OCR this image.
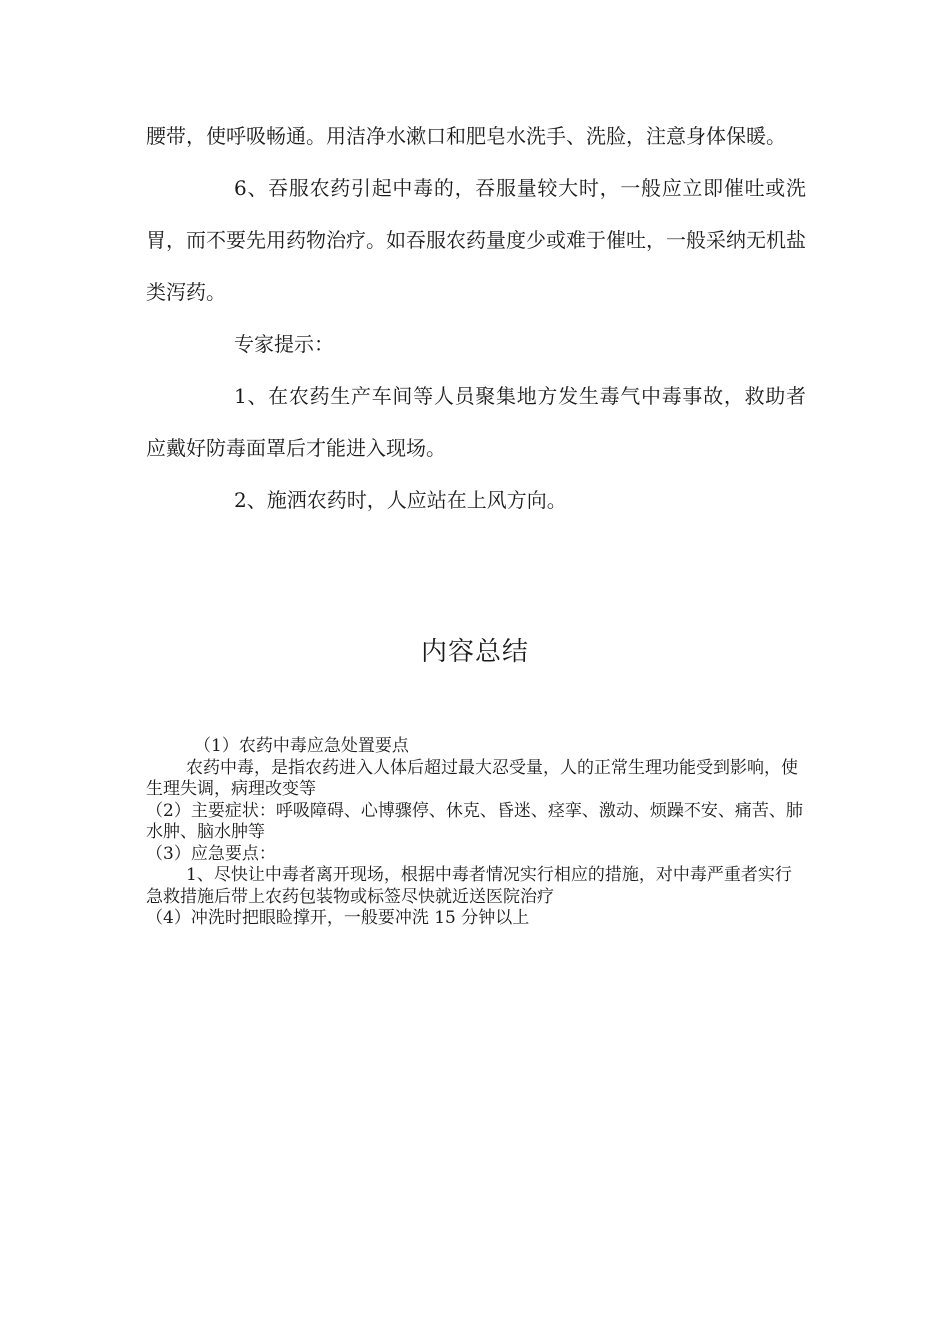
腰带，使呼吸畅通。用洁净水漱口和肥皂水洗手、洗脸，注意身体保暖。

6、吞服农药引起中毒的，吞服量较大时，一般应立即催吐或洗胃，而不要先用药物治疗。如吞服农药量度少或难于催吐，一般采纳无机盐类泻药。

专家提示：

1、在农药生产车间等人员聚集地方发生毒气中毒事故，救助者应戴好防毒面罩后才能进入现场。

2、施洒农药时，人应站在上风方向。

内容总结

（1）农药中毒应急处置要点

农药中毒，是指农药进入人体后超过最大忍受量，人的正常生理功能受到影响，使生理失调，病理改变等

（2）主要症状：呼吸障碍、心博骤停、休克、昏迷、痉挛、激动、烦躁不安、痛苦、肺水肿、脑水肿等

（3）应急要点：

1、尽快让中毒者离开现场，根据中毒者情况实行相应的措施，对中毒严重者实行急救措施后带上农药包装物或标签尽快就近送医院治疗

（4）冲洗时把眼睑撑开，一般要冲洗 15 分钟以上
